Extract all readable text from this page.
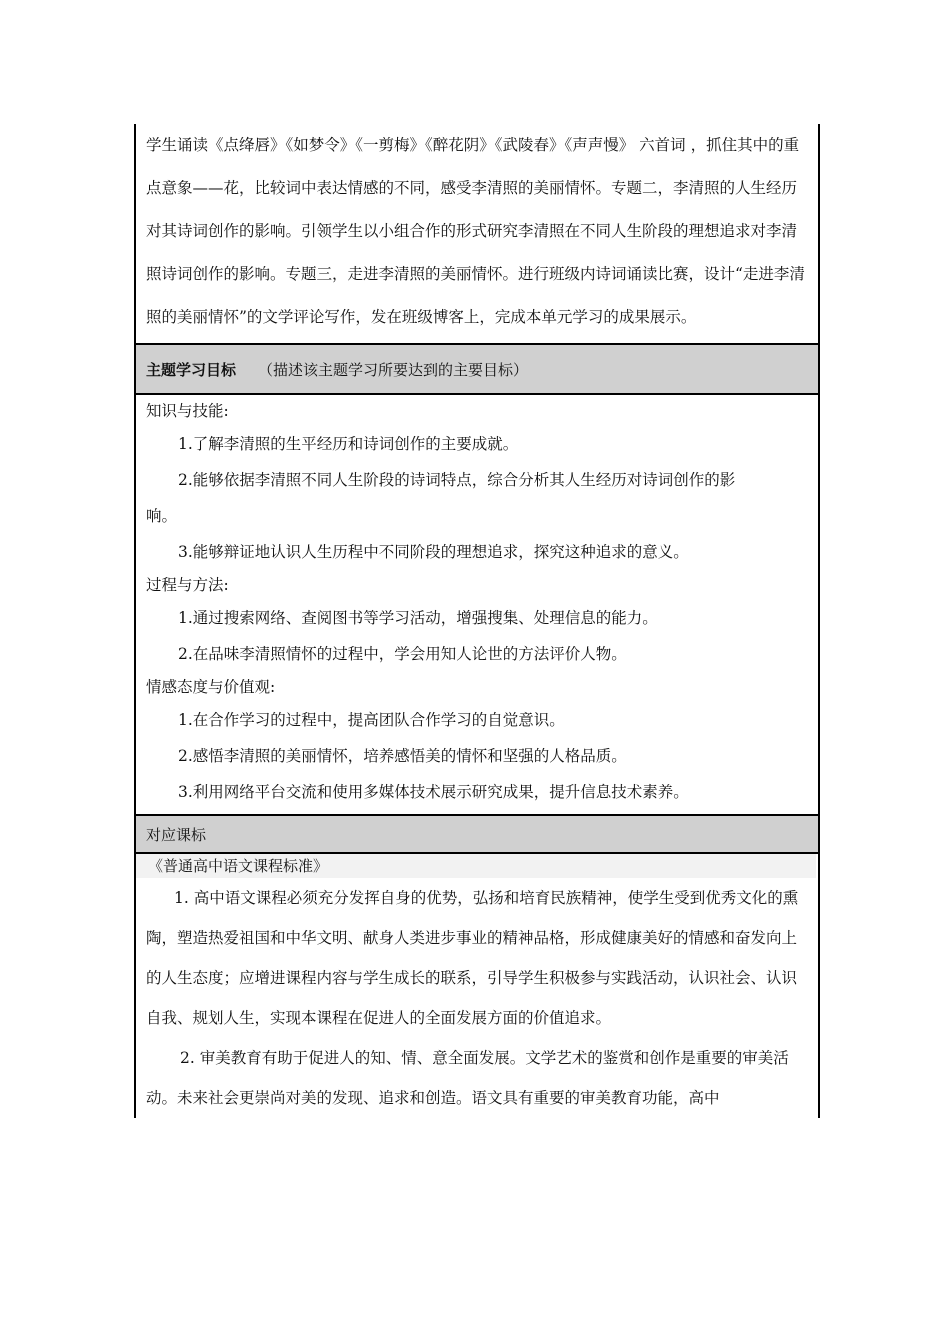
学生诵读《点绛唇》《如梦令》《一剪梅》《醉花阴》《武陵春》《声声慢》 六首词 ，抓住其中的重点意象——花，比较词中表达情感的不同，感受李清照的美丽情怀。专题二，李清照的人生经历对其诗词创作的影响。引领学生以小组合作的形式研究李清照在不同人生阶段的理想追求对李清照诗词创作的影响。专题三，走进李清照的美丽情怀。进行班级内诗词诵读比赛，设计“走进李清照的美丽情怀”的文学评论写作，发在班级博客上，完成本单元学习的成果展示。

主题学习目标 （描述该主题学习所要达到的主要目标）
知识与技能:
1.了解李清照的生平经历和诗词创作的主要成就。
2.能够依据李清照不同人生阶段的诗词特点，综合分析其人生经历对诗词创作的影
响。
3.能够辩证地认识人生历程中不同阶段的理想追求，探究这种追求的意义。
过程与方法:
1.通过搜索网络、查阅图书等学习活动，增强搜集、处理信息的能力。
2.在品味李清照情怀的过程中，学会用知人论世的方法评价人物。
情感态度与价值观:
1.在合作学习的过程中，提高团队合作学习的自觉意识。
2.感悟李清照的美丽情怀，培养感悟美的情怀和坚强的人格品质。
3.利用网络平台交流和使用多媒体技术展示研究成果，提升信息技术素养。
对应课标
《普通高中语文课程标准》

1. 高中语文课程必须充分发挥自身的优势，弘扬和培育民族精神，使学生受到优秀文化的熏陶，塑造热爱祖国和中华文明、献身人类进步事业的精神品格，形成健康美好的情感和奋发向上的人生态度；应增进课程内容与学生成长的联系，引导学生积极参与实践活动，认识社会、认识自我、规划人生，实现本课程在促进人的全面发展方面的价值追求。

2. 审美教育有助于促进人的知、情、意全面发展。文学艺术的鉴赏和创作是重要的审美活动。未来社会更崇尚对美的发现、追求和创造。语文具有重要的审美教育功能，高中
